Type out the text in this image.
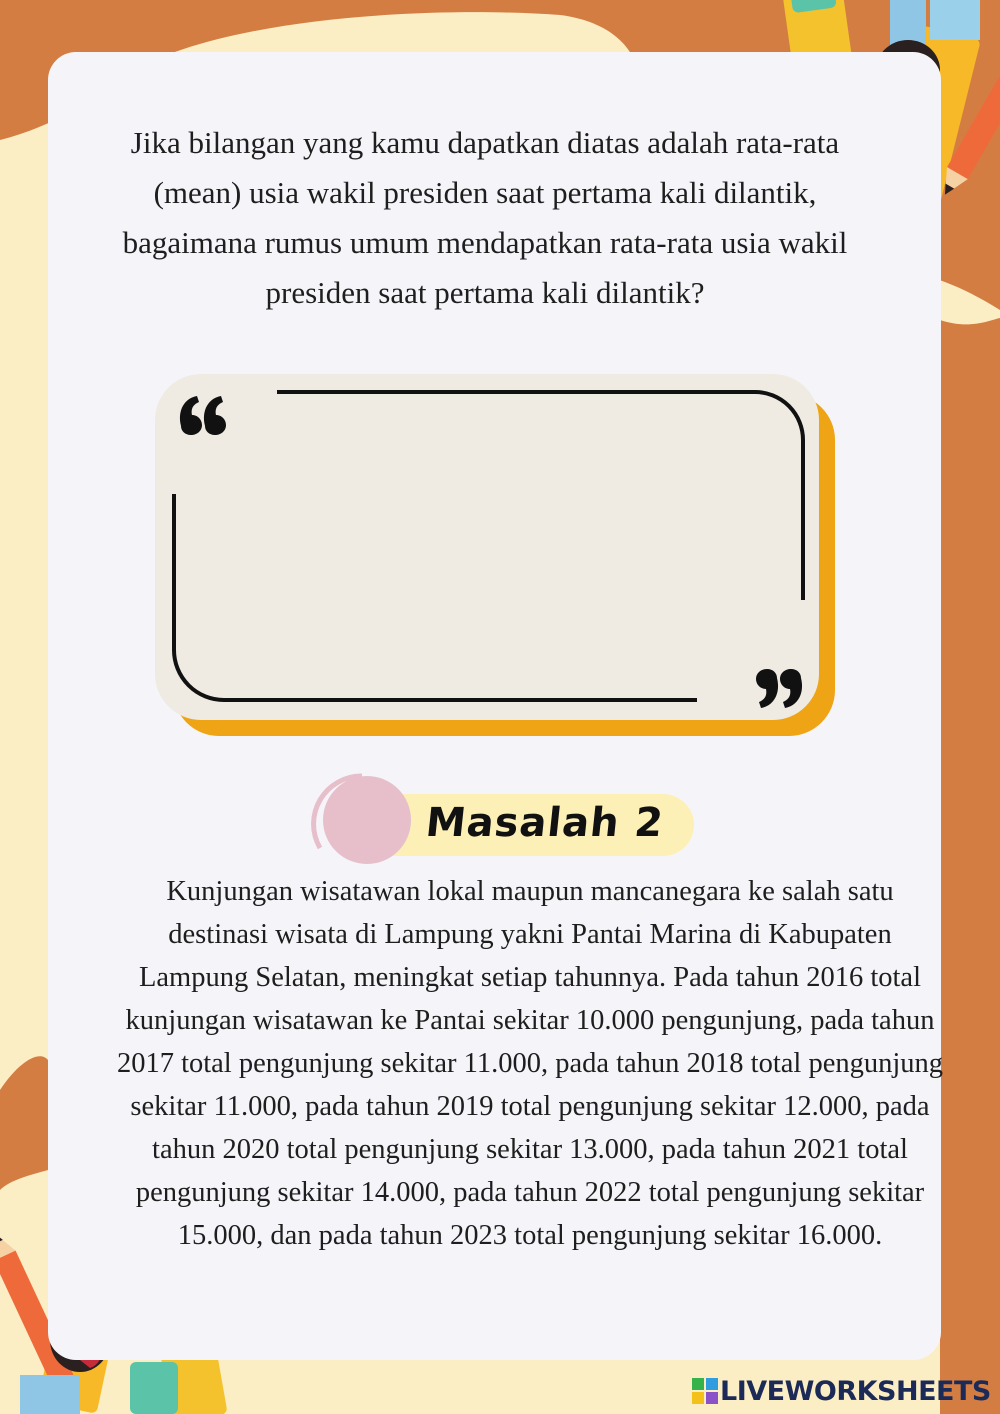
Jika bilangan yang kamu dapatkan diatas adalah rata-rata (mean) usia wakil presiden saat pertama kali dilantik, bagaimana rumus umum mendapatkan rata-rata usia wakil presiden saat pertama kali dilantik?

Masalah 2

Kunjungan wisatawan lokal maupun mancanegara ke salah satu destinasi wisata di Lampung yakni Pantai Marina di Kabupaten Lampung Selatan, meningkat setiap tahunnya. Pada tahun 2016 total kunjungan wisatawan ke Pantai sekitar 10.000 pengunjung, pada tahun 2017 total pengunjung sekitar 11.000, pada tahun 2018 total pengunjung sekitar 11.000, pada tahun 2019 total pengunjung sekitar 12.000, pada tahun 2020 total pengunjung sekitar 13.000, pada tahun 2021 total pengunjung sekitar 14.000, pada tahun 2022 total pengunjung sekitar 15.000, dan pada tahun 2023 total pengunjung sekitar 16.000.

LIVEWORKSHEETS
